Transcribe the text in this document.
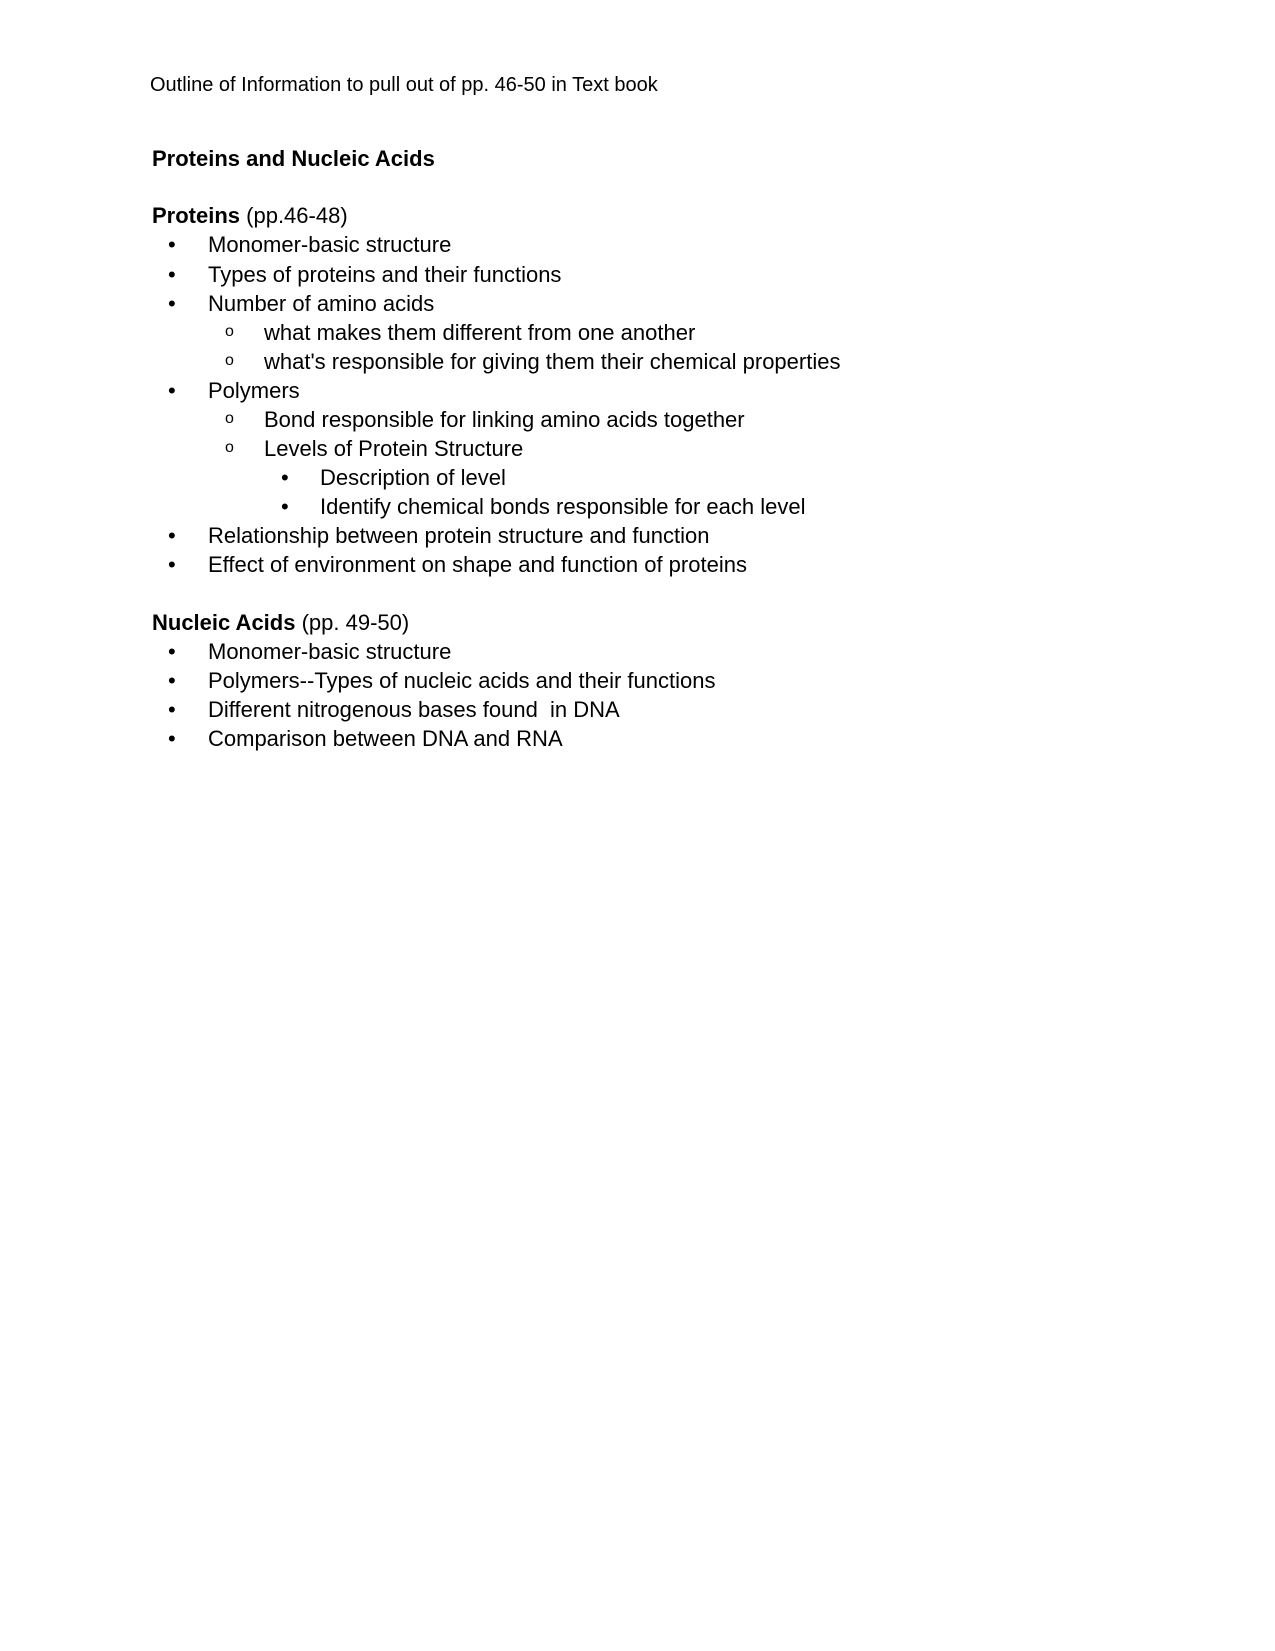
Outline of Information to pull out of pp. 46-50 in Text book
Proteins and Nucleic Acids
Proteins (pp.46-48)
• Monomer-basic structure
• Types of proteins and their functions
• Number of amino acids
o what makes them different from one another
o what's responsible for giving them their chemical properties
• Polymers
o Bond responsible for linking amino acids together
o Levels of Protein Structure
• Description of level
• Identify chemical bonds responsible for each level
• Relationship between protein structure and function
• Effect of environment on shape and function of proteins
Nucleic Acids (pp. 49-50)
• Monomer-basic structure
• Polymers--Types of nucleic acids and their functions
• Different nitrogenous bases found  in DNA
• Comparison between DNA and RNA
